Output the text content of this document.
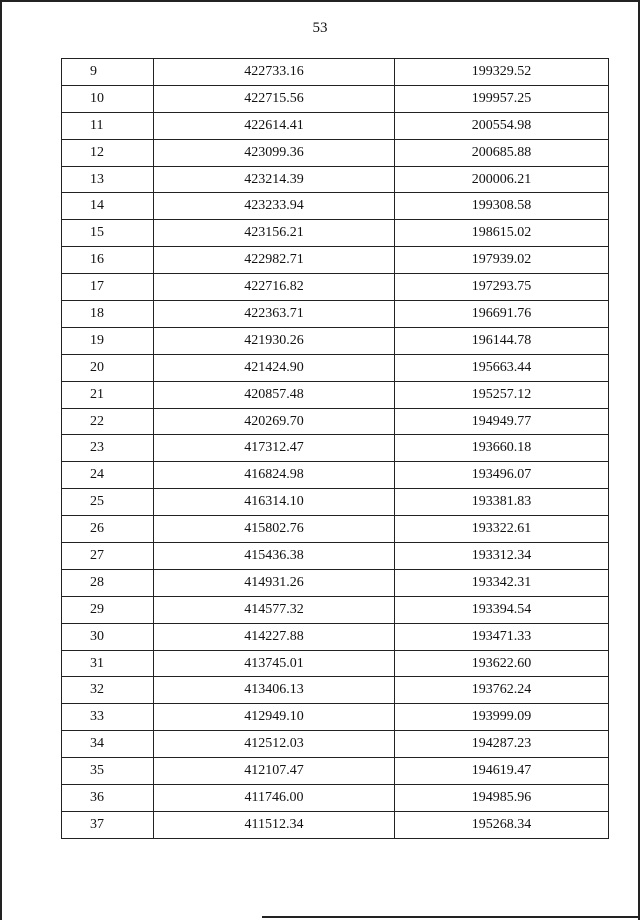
53
9	422733.16	199329.52
10	422715.56	199957.25
11	422614.41	200554.98
12	423099.36	200685.88
13	423214.39	200006.21
14	423233.94	199308.58
15	423156.21	198615.02
16	422982.71	197939.02
17	422716.82	197293.75
18	422363.71	196691.76
19	421930.26	196144.78
20	421424.90	195663.44
21	420857.48	195257.12
22	420269.70	194949.77
23	417312.47	193660.18
24	416824.98	193496.07
25	416314.10	193381.83
26	415802.76	193322.61
27	415436.38	193312.34
28	414931.26	193342.31
29	414577.32	193394.54
30	414227.88	193471.33
31	413745.01	193622.60
32	413406.13	193762.24
33	412949.10	193999.09
34	412512.03	194287.23
35	412107.47	194619.47
36	411746.00	194985.96
37	411512.34	195268.34
